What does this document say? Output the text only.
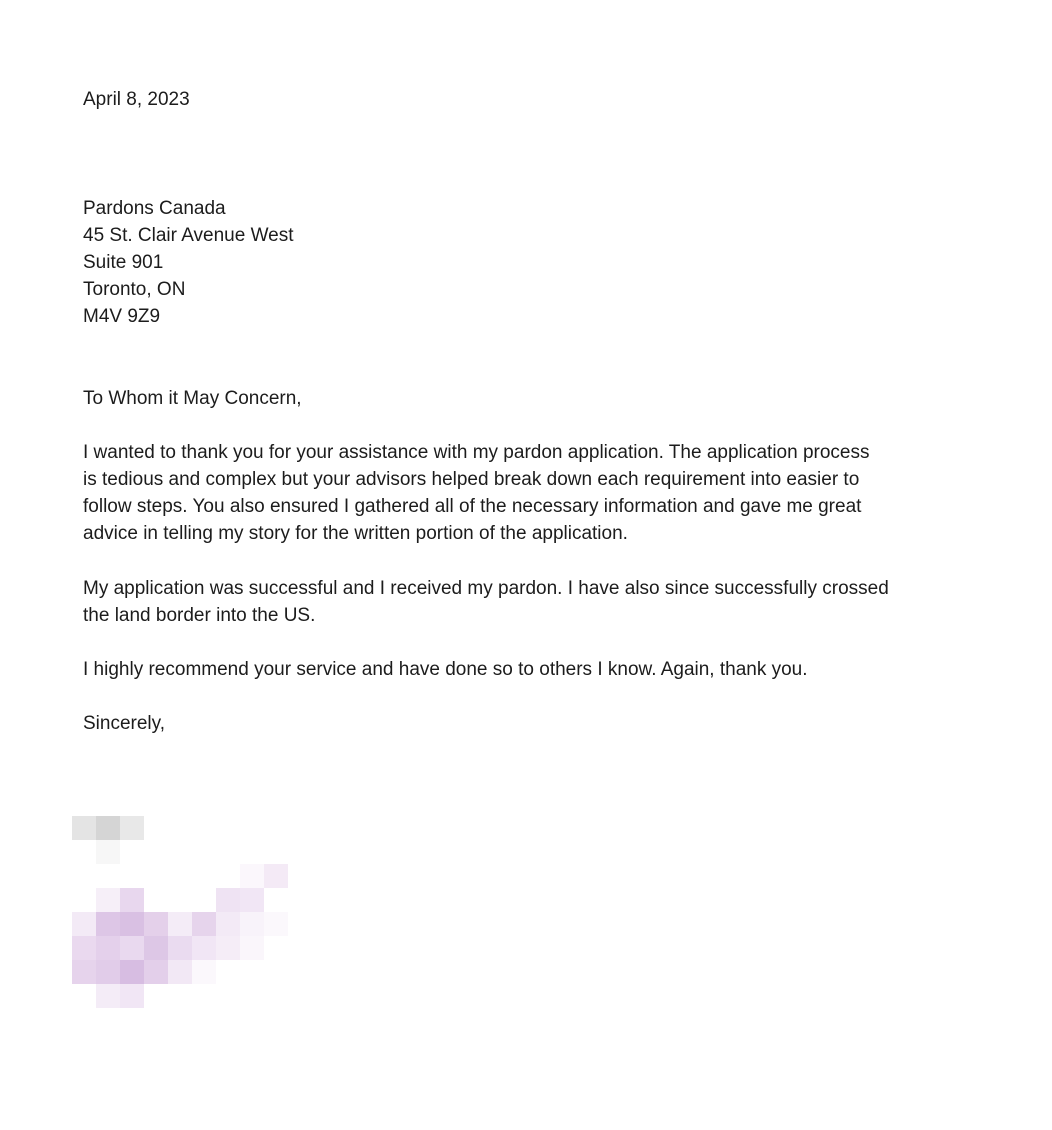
April 8, 2023

Pardons Canada
45 St. Clair Avenue West
Suite 901
Toronto, ON
M4V 9Z9

To Whom it May Concern,

I wanted to thank you for your assistance with my pardon application. The application process
is tedious and complex but your advisors helped break down each requirement into easier to
follow steps. You also ensured I gathered all of the necessary information and gave me great
advice in telling my story for the written portion of the application.
My application was successful and I received my pardon. I have also since successfully crossed
the land border into the US.
I highly recommend your service and have done so to others I know. Again, thank you.

Sincerely,
